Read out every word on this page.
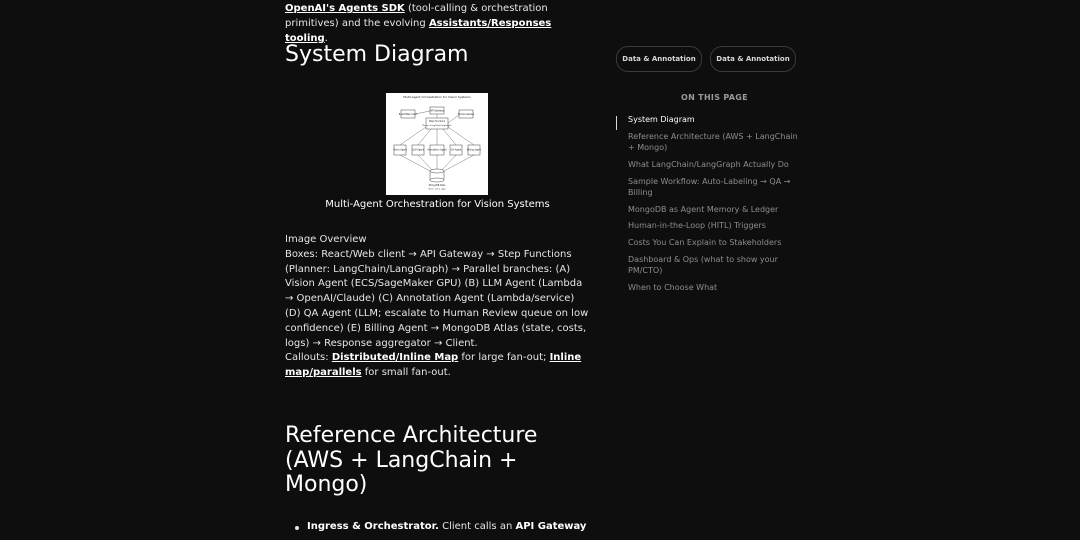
OpenAI's Agents SDK (tool-calling & orchestration primitives) and the evolving Assistants/Responses tooling.
System Diagram
Multi-Agent Orchestration for Vision Systems
React/Web client
API Gateway
Step Functions
Planner (LangChain/LangGraph)
Human Review
Vision Agent LLM Agent Annotation Agent QA Agent	Billing Agent
MongoDB Atlas
(State, Costs, Logs)
Multi-Agent Orchestration for Vision Systems

Image Overview

Boxes: React/Web client → API Gateway → Step Functions (Planner: LangChain/LangGraph) → Parallel branches: (A) Vision Agent (ECS/SageMaker GPU) (B) LLM Agent (Lambda → OpenAI/Claude) (C) Annotation Agent (Lambda/service) (D) QA Agent (LLM; escalate to Human Review queue on low confidence) (E) Billing Agent → MongoDB Atlas (state, costs, logs) → Response aggregator → Client.

Callouts: Distributed/Inline Map for large fan-out; Inline map/parallels for small fan-out.

Reference Architecture (AWS + LangChain + Mongo)
Ingress & Orchestrator. Client calls an API Gateway
Data & Annotation	Data & Annotation
ON THIS PAGE
System Diagram
Reference Architecture (AWS + LangChain + Mongo)
What LangChain/LangGraph Actually Do
Sample Workflow: Auto-Labeling → QA → Billing
MongoDB as Agent Memory & Ledger
Human-in-the-Loop (HITL) Triggers
Costs You Can Explain to Stakeholders
Dashboard & Ops (what to show your PM/CTO)
When to Choose What
